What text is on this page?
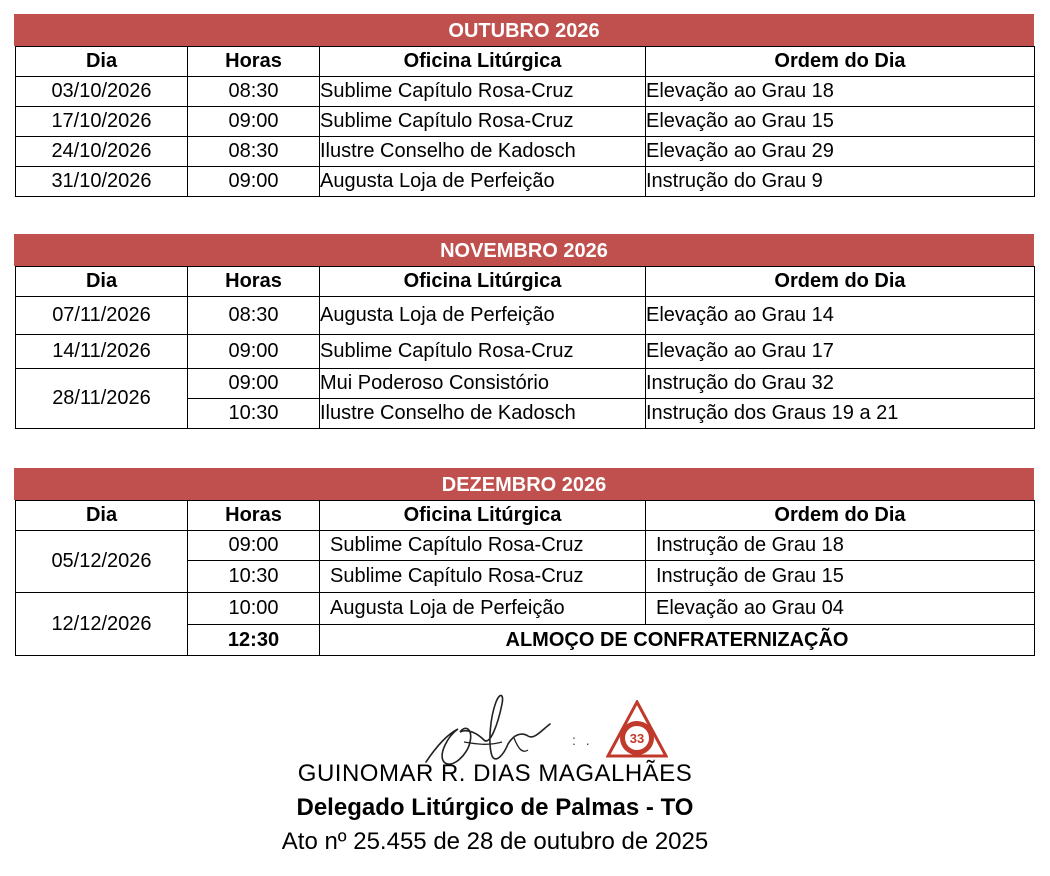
OUTUBRO 2026
Dia	Horas	Oficina Litúrgica	Ordem do Dia
03/10/2026	08:30	Sublime Capítulo Rosa-Cruz	Elevação ao Grau 18
17/10/2026	09:00	Sublime Capítulo Rosa-Cruz	Elevação ao Grau 15
24/10/2026	08:30	Ilustre Conselho de Kadosch	Elevação ao Grau 29
31/10/2026	09:00	Augusta Loja de Perfeição	Instrução do Grau 9
NOVEMBRO 2026
Dia	Horas	Oficina Litúrgica	Ordem do Dia
07/11/2026	08:30	Augusta Loja de Perfeição	Elevação ao Grau 14
14/11/2026	09:00	Sublime Capítulo Rosa-Cruz	Elevação ao Grau 17
28/11/2026	09:00	Mui Poderoso Consistório	Instrução do Grau 32
	10:30	Ilustre Conselho de Kadosch	Instrução dos Graus 19 a 21
DEZEMBRO 2026
Dia	Horas	Oficina Litúrgica	Ordem do Dia
05/12/2026	09:00	Sublime Capítulo Rosa-Cruz	Instrução de Grau 18
	10:30	Sublime Capítulo Rosa-Cruz	Instrução de Grau 15
12/12/2026	10:00	Augusta Loja de Perfeição	Elevação ao Grau 04
	12:30	ALMOÇO DE CONFRATERNIZAÇÃO	
: .	33
GUINOMAR R. DIAS MAGALHÃES
Delegado Litúrgico de Palmas - TO
Ato nº 25.455 de 28 de outubro de 2025
